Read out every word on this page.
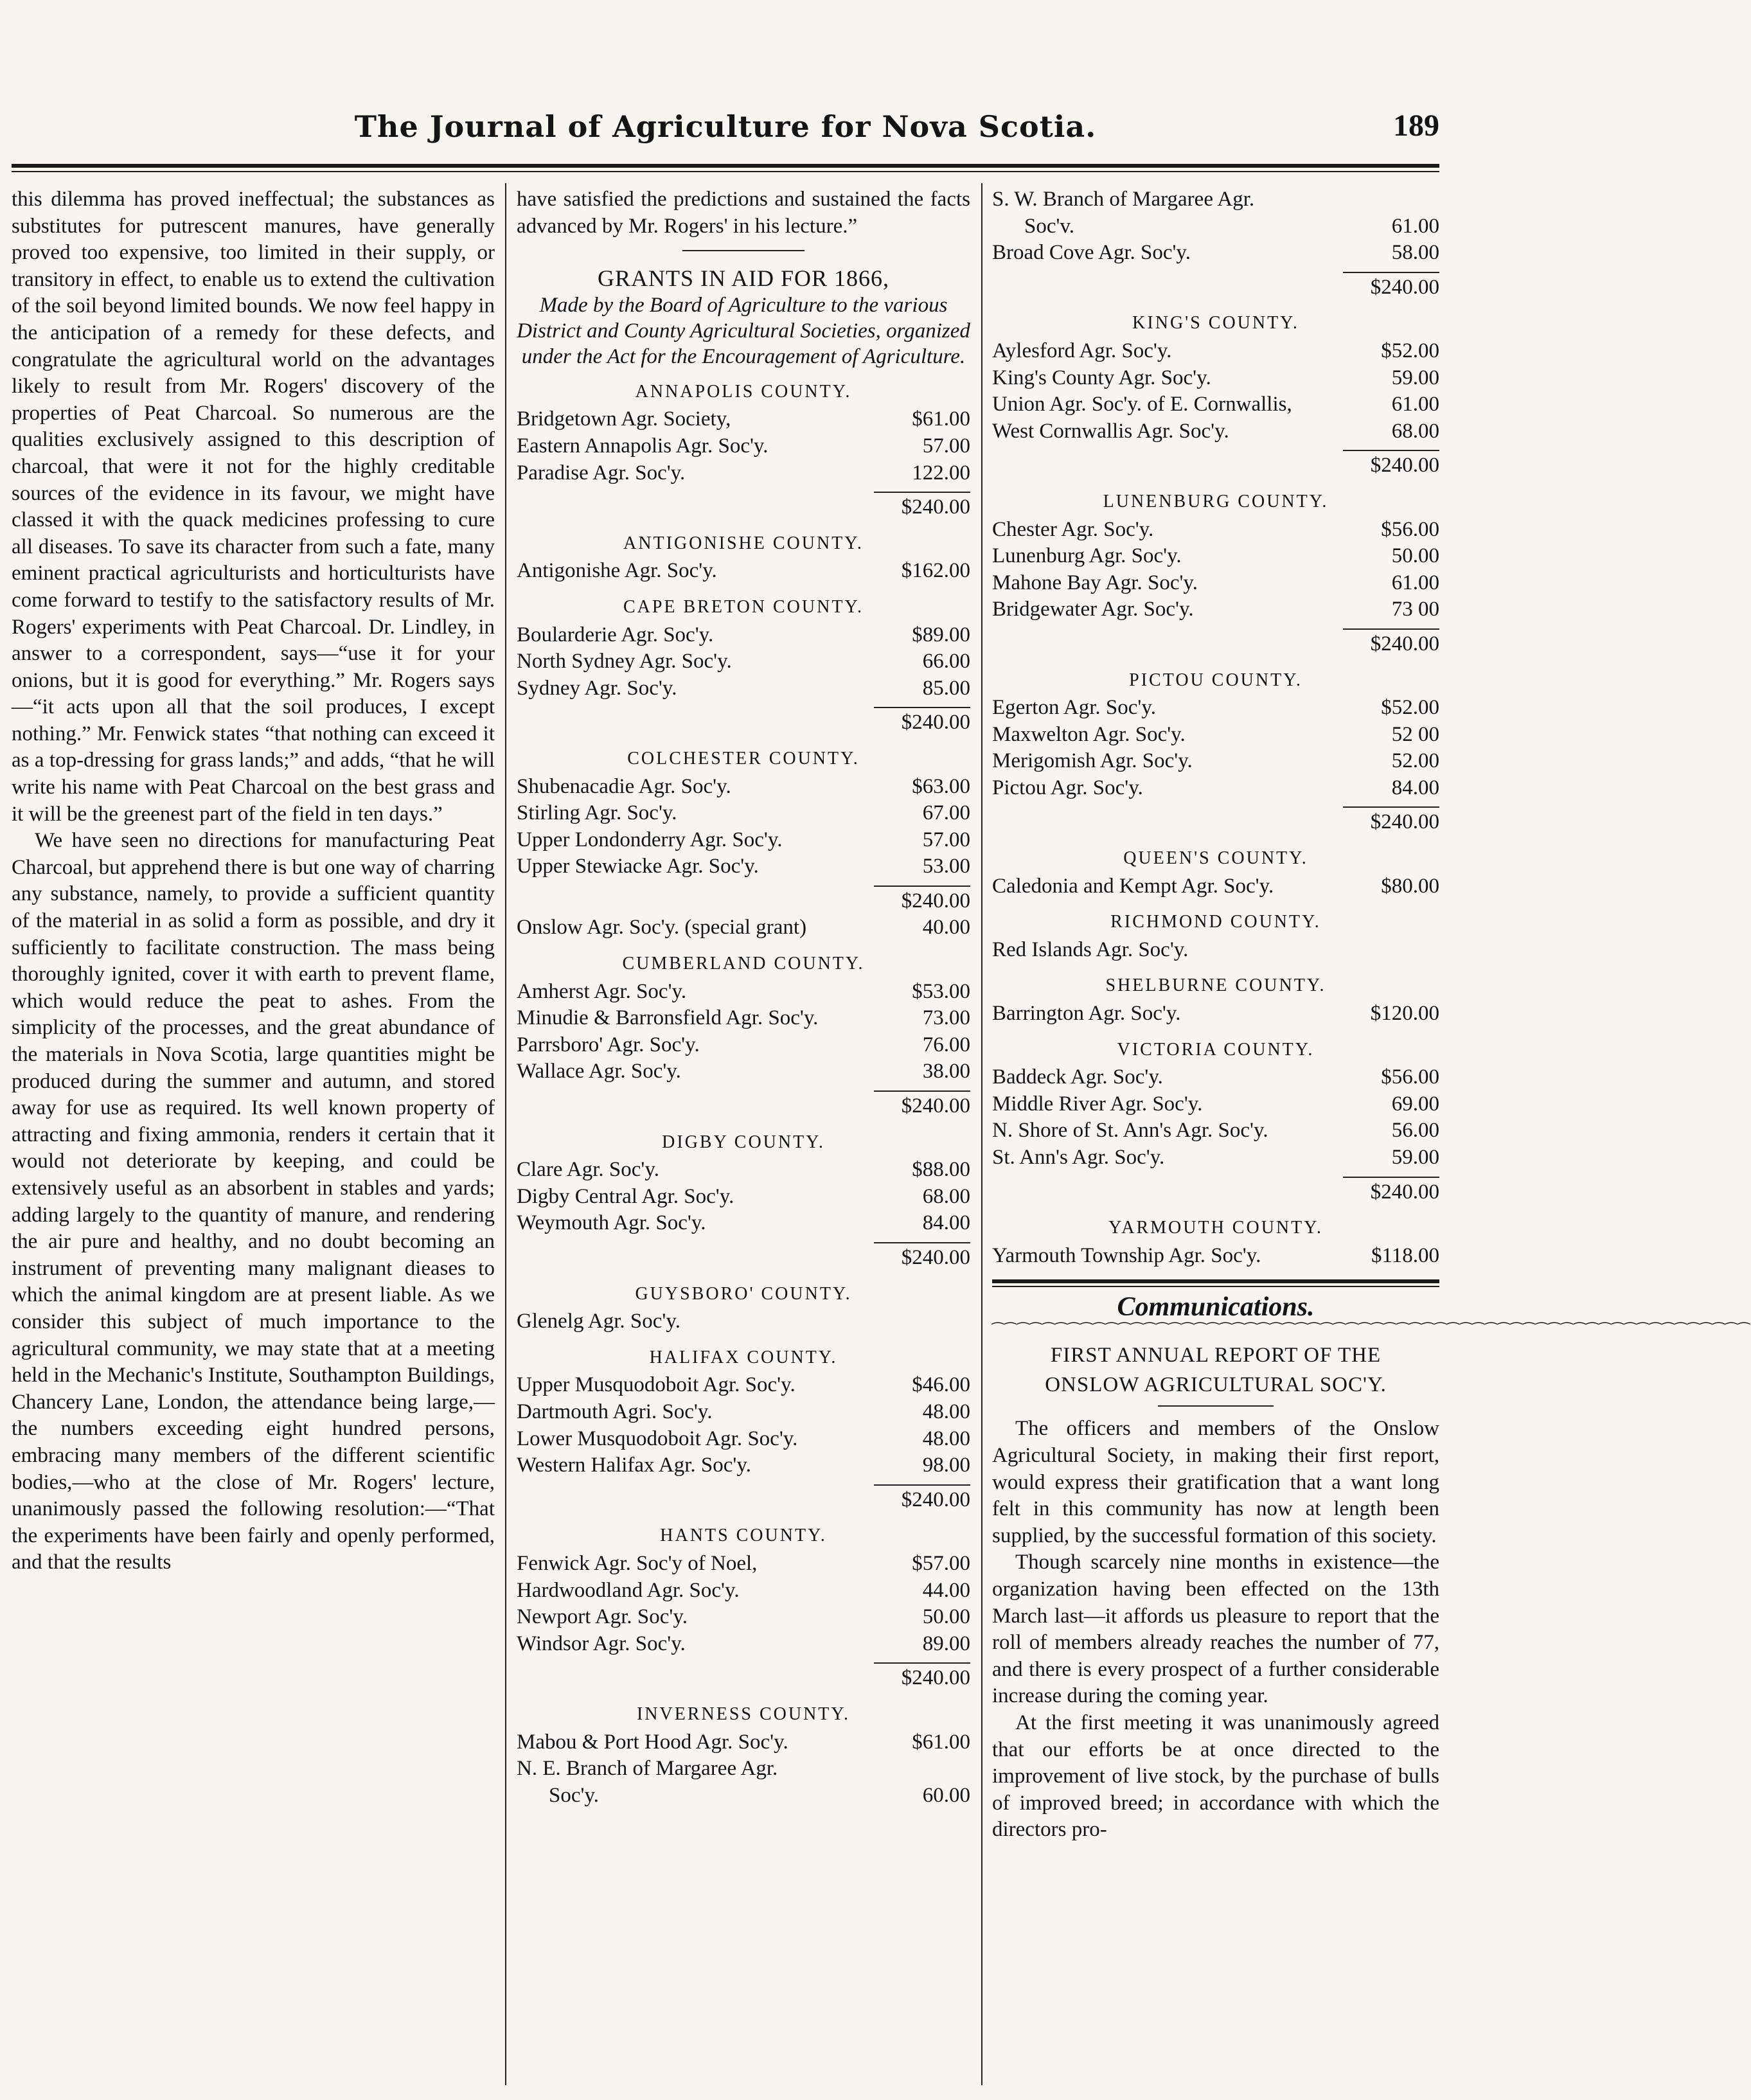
The Journal of Agriculture for Nova Scotia.	189

this dilemma has proved ineffectual; the substances as substitutes for putrescent manures, have generally proved too expensive, too limited in their supply, or transitory in effect, to enable us to extend the cultivation of the soil beyond limited bounds. We now feel happy in the anticipation of a remedy for these defects, and congratulate the agricultural world on the advantages likely to result from Mr. Rogers' discovery of the properties of Peat Charcoal. So numerous are the qualities exclusively assigned to this description of charcoal, that were it not for the highly creditable sources of the evidence in its favour, we might have classed it with the quack medicines professing to cure all diseases. To save its character from such a fate, many eminent practical agriculturists and horticulturists have come forward to testify to the satisfactory results of Mr. Rogers' experiments with Peat Charcoal. Dr. Lindley, in answer to a correspondent, says—“use it for your onions, but it is good for everything.” Mr. Rogers says—“it acts upon all that the soil produces, I except nothing.” Mr. Fenwick states “that nothing can exceed it as a top-dressing for grass lands;” and adds, “that he will write his name with Peat Charcoal on the best grass and it will be the greenest part of the field in ten days.”

We have seen no directions for manufacturing Peat Charcoal, but apprehend there is but one way of charring any substance, namely, to provide a sufficient quantity of the material in as solid a form as possible, and dry it sufficiently to facilitate construction. The mass being thoroughly ignited, cover it with earth to prevent flame, which would reduce the peat to ashes. From the simplicity of the processes, and the great abundance of the materials in Nova Scotia, large quantities might be produced during the summer and autumn, and stored away for use as required. Its well known property of attracting and fixing ammonia, renders it certain that it would not deteriorate by keeping, and could be extensively useful as an absorbent in stables and yards; adding largely to the quantity of manure, and rendering the air pure and healthy, and no doubt becoming an instrument of preventing many malignant dieases to which the animal kingdom are at present liable. As we consider this subject of much importance to the agricultural community, we may state that at a meeting held in the Mechanic's Institute, Southampton Buildings, Chancery Lane, London, the attendance being large,—the numbers exceeding eight hundred persons, embracing many members of the different scientific bodies,—who at the close of Mr. Rogers' lecture, unanimously passed the following resolution:—“That the experiments have been fairly and openly performed, and that the results

have satisfied the predictions and sustained the facts advanced by Mr. Rogers' in his lecture.”

GRANTS IN AID FOR 1866,
Made by the Board of Agriculture to the various District and County Agricultural Societies, organized under the Act for the Encouragement of Agriculture.
ANNAPOLIS COUNTY.
Bridgetown Agr. Society,	$61.00
Eastern Annapolis Agr. Soc'y.	57.00
Paradise Agr. Soc'y.	122.00
$240.00
ANTIGONISHE COUNTY.
Antigonishe Agr. Soc'y.	$162.00
CAPE BRETON COUNTY.
Boularderie Agr. Soc'y.	$89.00
North Sydney Agr. Soc'y.	66.00
Sydney Agr. Soc'y.	85.00
$240.00
COLCHESTER COUNTY.
Shubenacadie Agr. Soc'y.	$63.00
Stirling Agr. Soc'y.	67.00
Upper Londonderry Agr. Soc'y.	57.00
Upper Stewiacke Agr. Soc'y.	53.00
$240.00
Onslow Agr. Soc'y. (special grant)	40.00
CUMBERLAND COUNTY.
Amherst Agr. Soc'y.	$53.00
Minudie & Barronsfield Agr. Soc'y.	73.00
Parrsboro' Agr. Soc'y.	76.00
Wallace Agr. Soc'y.	38.00
$240.00
DIGBY COUNTY.
Clare Agr. Soc'y.	$88.00
Digby Central Agr. Soc'y.	68.00
Weymouth Agr. Soc'y.	84.00
$240.00
GUYSBORO' COUNTY.
Glenelg Agr. Soc'y.
HALIFAX COUNTY.
Upper Musquodoboit Agr. Soc'y.	$46.00
Dartmouth Agri. Soc'y.	48.00
Lower Musquodoboit Agr. Soc'y.	48.00
Western Halifax Agr. Soc'y.	98.00
$240.00
HANTS COUNTY.
Fenwick Agr. Soc'y of Noel,	$57.00
Hardwoodland Agr. Soc'y.	44.00
Newport Agr. Soc'y.	50.00
Windsor Agr. Soc'y.	89.00
$240.00
INVERNESS COUNTY.
Mabou & Port Hood Agr. Soc'y.	$61.00
N. E. Branch of Margaree Agr.
Soc'y.	60.00
S. W. Branch of Margaree Agr.
Soc'v.	61.00
Broad Cove Agr. Soc'y.	58.00
$240.00
KING'S COUNTY.
Aylesford Agr. Soc'y.	$52.00
King's County Agr. Soc'y.	59.00
Union Agr. Soc'y. of E. Cornwallis,	61.00
West Cornwallis Agr. Soc'y.	68.00
$240.00
LUNENBURG COUNTY.
Chester Agr. Soc'y.	$56.00
Lunenburg Agr. Soc'y.	50.00
Mahone Bay Agr. Soc'y.	61.00
Bridgewater Agr. Soc'y.	73 00
$240.00
PICTOU COUNTY.
Egerton Agr. Soc'y.	$52.00
Maxwelton Agr. Soc'y.	52 00
Merigomish Agr. Soc'y.	52.00
Pictou Agr. Soc'y.	84.00
$240.00
QUEEN'S COUNTY.
Caledonia and Kempt Agr. Soc'y.	$80.00
RICHMOND COUNTY.
Red Islands Agr. Soc'y.
SHELBURNE COUNTY.
Barrington Agr. Soc'y.	$120.00
VICTORIA COUNTY.
Baddeck Agr. Soc'y.	$56.00
Middle River Agr. Soc'y.	69.00
N. Shore of St. Ann's Agr. Soc'y.	56.00
St. Ann's Agr. Soc'y.	59.00
$240.00
YARMOUTH COUNTY.
Yarmouth Township Agr. Soc'y.	$118.00
Communications.
⁀⁀⁀⁀⁀⁀⁀⁀⁀⁀⁀⁀⁀⁀⁀⁀⁀⁀⁀⁀⁀⁀⁀⁀⁀⁀⁀⁀⁀⁀⁀⁀⁀⁀⁀⁀⁀⁀⁀⁀⁀⁀⁀⁀⁀⁀⁀⁀⁀⁀⁀⁀⁀⁀⁀⁀⁀⁀⁀⁀
FIRST ANNUAL REPORT OF THE
ONSLOW AGRICULTURAL SOC'Y.

The officers and members of the Onslow Agricultural Society, in making their first report, would express their gratification that a want long felt in this community has now at length been supplied, by the successful formation of this society.

Though scarcely nine months in existence—the organization having been effected on the 13th March last—it affords us pleasure to report that the roll of members already reaches the number of 77, and there is every prospect of a further considerable increase during the coming year.

At the first meeting it was unanimously agreed that our efforts be at once directed to the improvement of live stock, by the purchase of bulls of improved breed; in accordance with which the directors pro-
